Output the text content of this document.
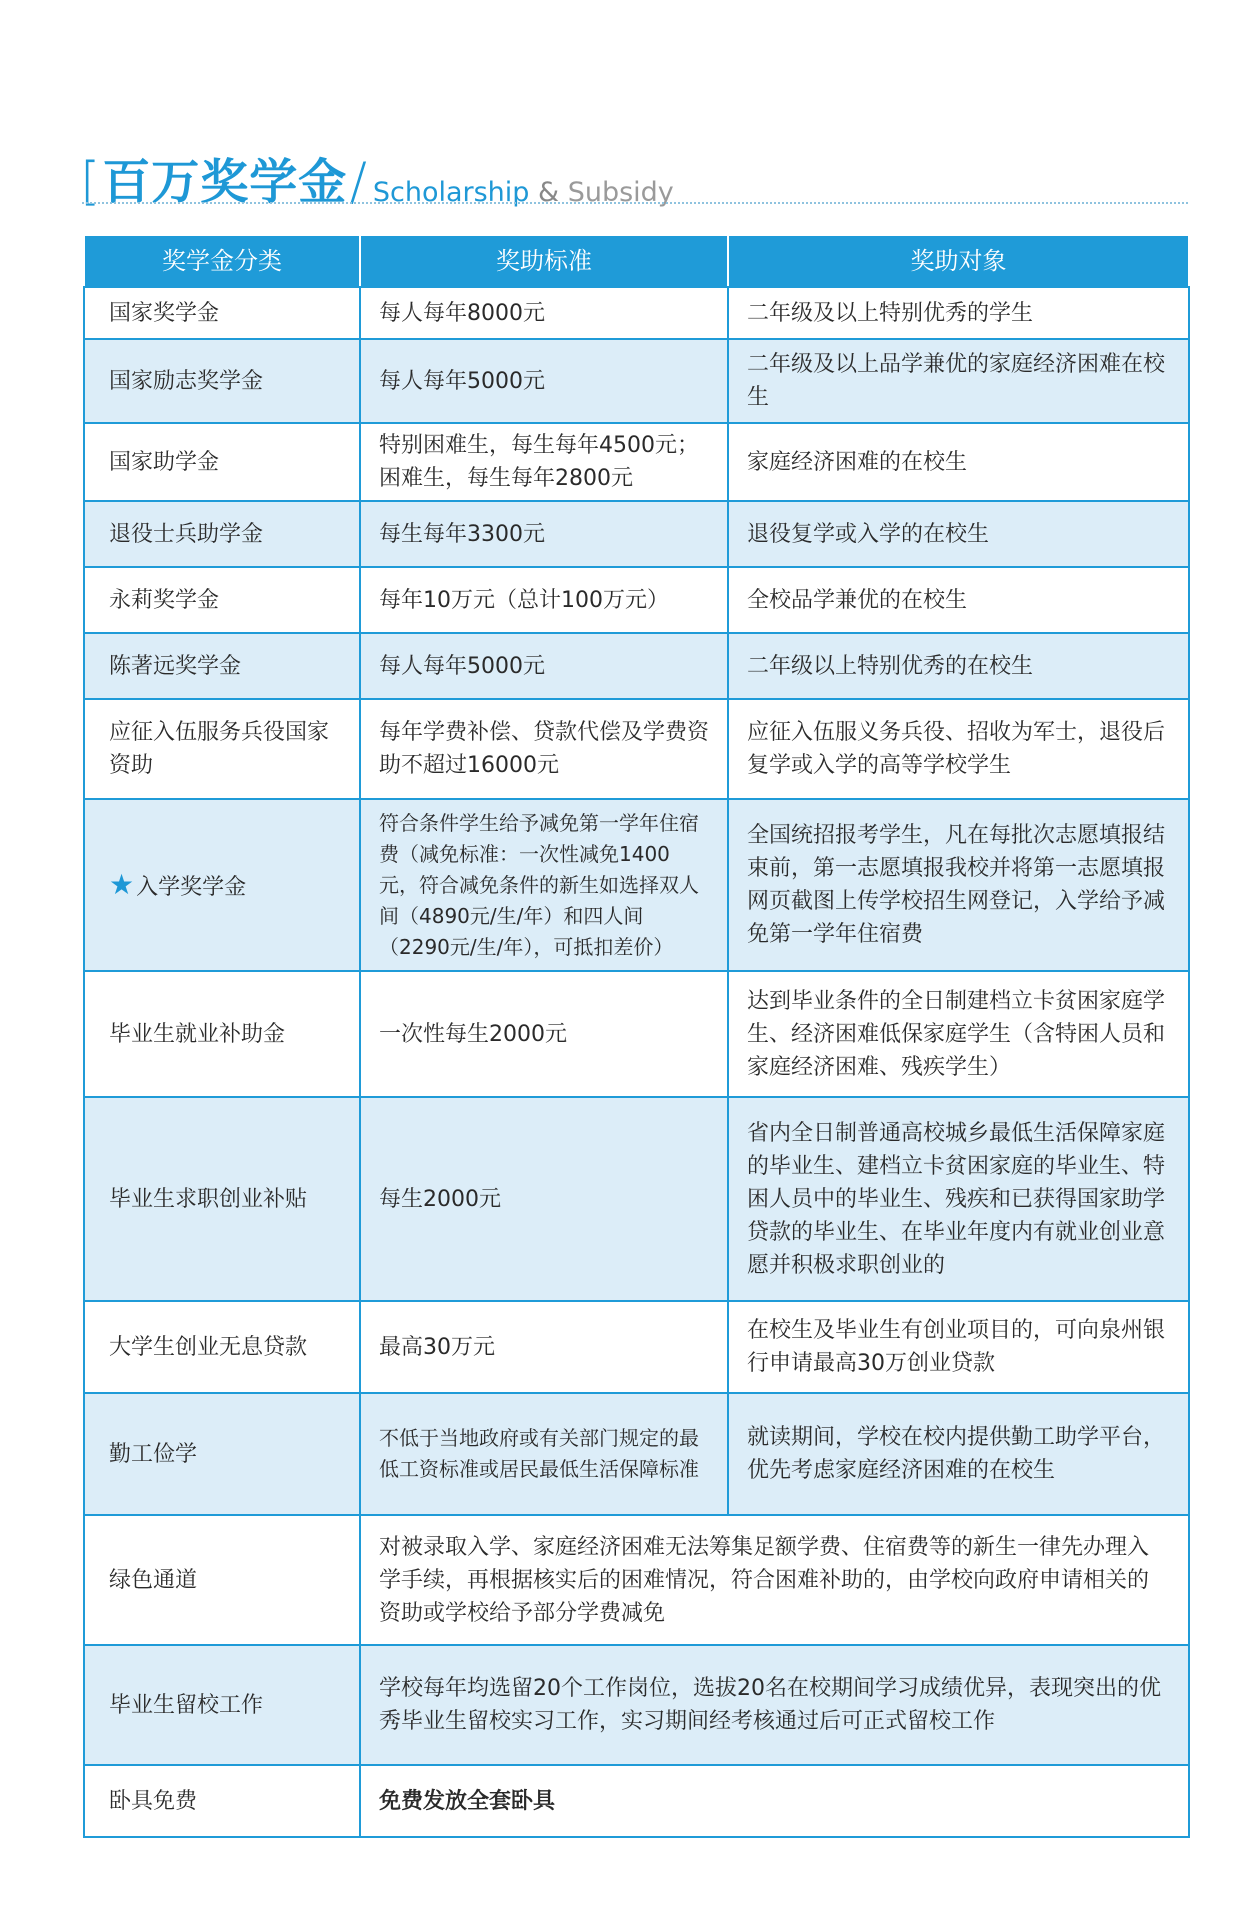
[ 百万奖学金 / Scholarship & Subsidy
奖学金分类	奖助标准	奖助对象
国家奖学金	每人每年8000元	二年级及以上特别优秀的学生
国家励志奖学金	每人每年5000元	二年级及以上品学兼优的家庭经济困难在校生
国家助学金	特别困难生，每生每年4500元；困难生，每生每年2800元	家庭经济困难的在校生
退役士兵助学金	每生每年3300元	退役复学或入学的在校生
永莉奖学金	每年10万元（总计100万元）	全校品学兼优的在校生
陈著远奖学金	每人每年5000元	二年级以上特别优秀的在校生
应征入伍服务兵役国家资助	每年学费补偿、贷款代偿及学费资助不超过16000元	应征入伍服义务兵役、招收为军士，退役后复学或入学的高等学校学生
★入学奖学金	符合条件学生给予减免第一学年住宿费（减免标准：一次性减免1400元，符合减免条件的新生如选择双人间（4890元/生/年）和四人间（2290元/生/年），可抵扣差价）	全国统招报考学生，凡在每批次志愿填报结束前，第一志愿填报我校并将第一志愿填报网页截图上传学校招生网登记，入学给予减免第一学年住宿费
毕业生就业补助金	一次性每生2000元	达到毕业条件的全日制建档立卡贫困家庭学生、经济困难低保家庭学生（含特困人员和家庭经济困难、残疾学生）
毕业生求职创业补贴	每生2000元	省内全日制普通高校城乡最低生活保障家庭的毕业生、建档立卡贫困家庭的毕业生、特困人员中的毕业生、残疾和已获得国家助学贷款的毕业生、在毕业年度内有就业创业意愿并积极求职创业的
大学生创业无息贷款	最高30万元	在校生及毕业生有创业项目的，可向泉州银行申请最高30万创业贷款
勤工俭学	不低于当地政府或有关部门规定的最低工资标准或居民最低生活保障标准	就读期间，学校在校内提供勤工助学平台，优先考虑家庭经济困难的在校生
绿色通道	对被录取入学、家庭经济困难无法筹集足额学费、住宿费等的新生一律先办理入学手续，再根据核实后的困难情况，符合困难补助的，由学校向政府申请相关的资助或学校给予部分学费减免	
毕业生留校工作	学校每年均选留20个工作岗位，选拔20名在校期间学习成绩优异，表现突出的优秀毕业生留校实习工作，实习期间经考核通过后可正式留校工作	
卧具免费	免费发放全套卧具	
